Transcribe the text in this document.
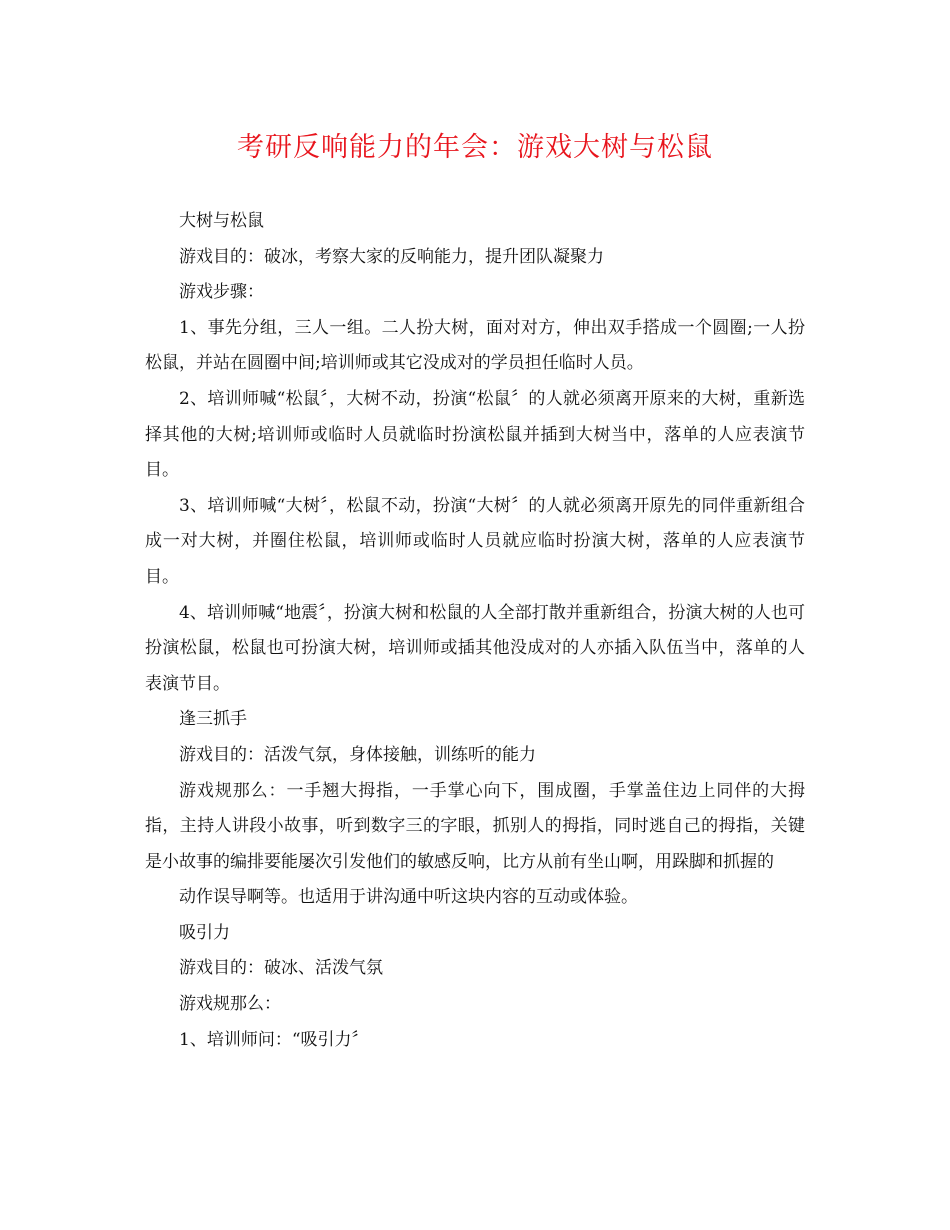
考研反响能力的年会：游戏大树与松鼠

大树与松鼠

游戏目的：破冰，考察大家的反响能力，提升团队凝聚力

游戏步骤：

1、事先分组，三人一组。二人扮大树，面对对方，伸出双手搭成一个圆圈;一人扮松鼠，并站在圆圈中间;培训师或其它没成对的学员担任临时人员。

2、培训师喊“松鼠〞，大树不动，扮演“松鼠〞的人就必须离开原来的大树，重新选择其他的大树;培训师或临时人员就临时扮演松鼠并插到大树当中，落单的人应表演节目。

3、培训师喊“大树〞，松鼠不动，扮演“大树〞的人就必须离开原先的同伴重新组合成一对大树，并圈住松鼠，培训师或临时人员就应临时扮演大树，落单的人应表演节目。

4、培训师喊“地震〞，扮演大树和松鼠的人全部打散并重新组合，扮演大树的人也可扮演松鼠，松鼠也可扮演大树，培训师或插其他没成对的人亦插入队伍当中，落单的人表演节目。

逢三抓手

游戏目的：活泼气氛，身体接触，训练听的能力

游戏规那么：一手翘大拇指，一手掌心向下，围成圈，手掌盖住边上同伴的大拇指，主持人讲段小故事，听到数字三的字眼，抓别人的拇指，同时逃自己的拇指，关键是小故事的编排要能屡次引发他们的敏感反响，比方从前有坐山啊，用跺脚和抓握的

动作误导啊等。也适用于讲沟通中听这块内容的互动或体验。

吸引力

游戏目的：破冰、活泼气氛

游戏规那么：

1、培训师问：“吸引力〞
